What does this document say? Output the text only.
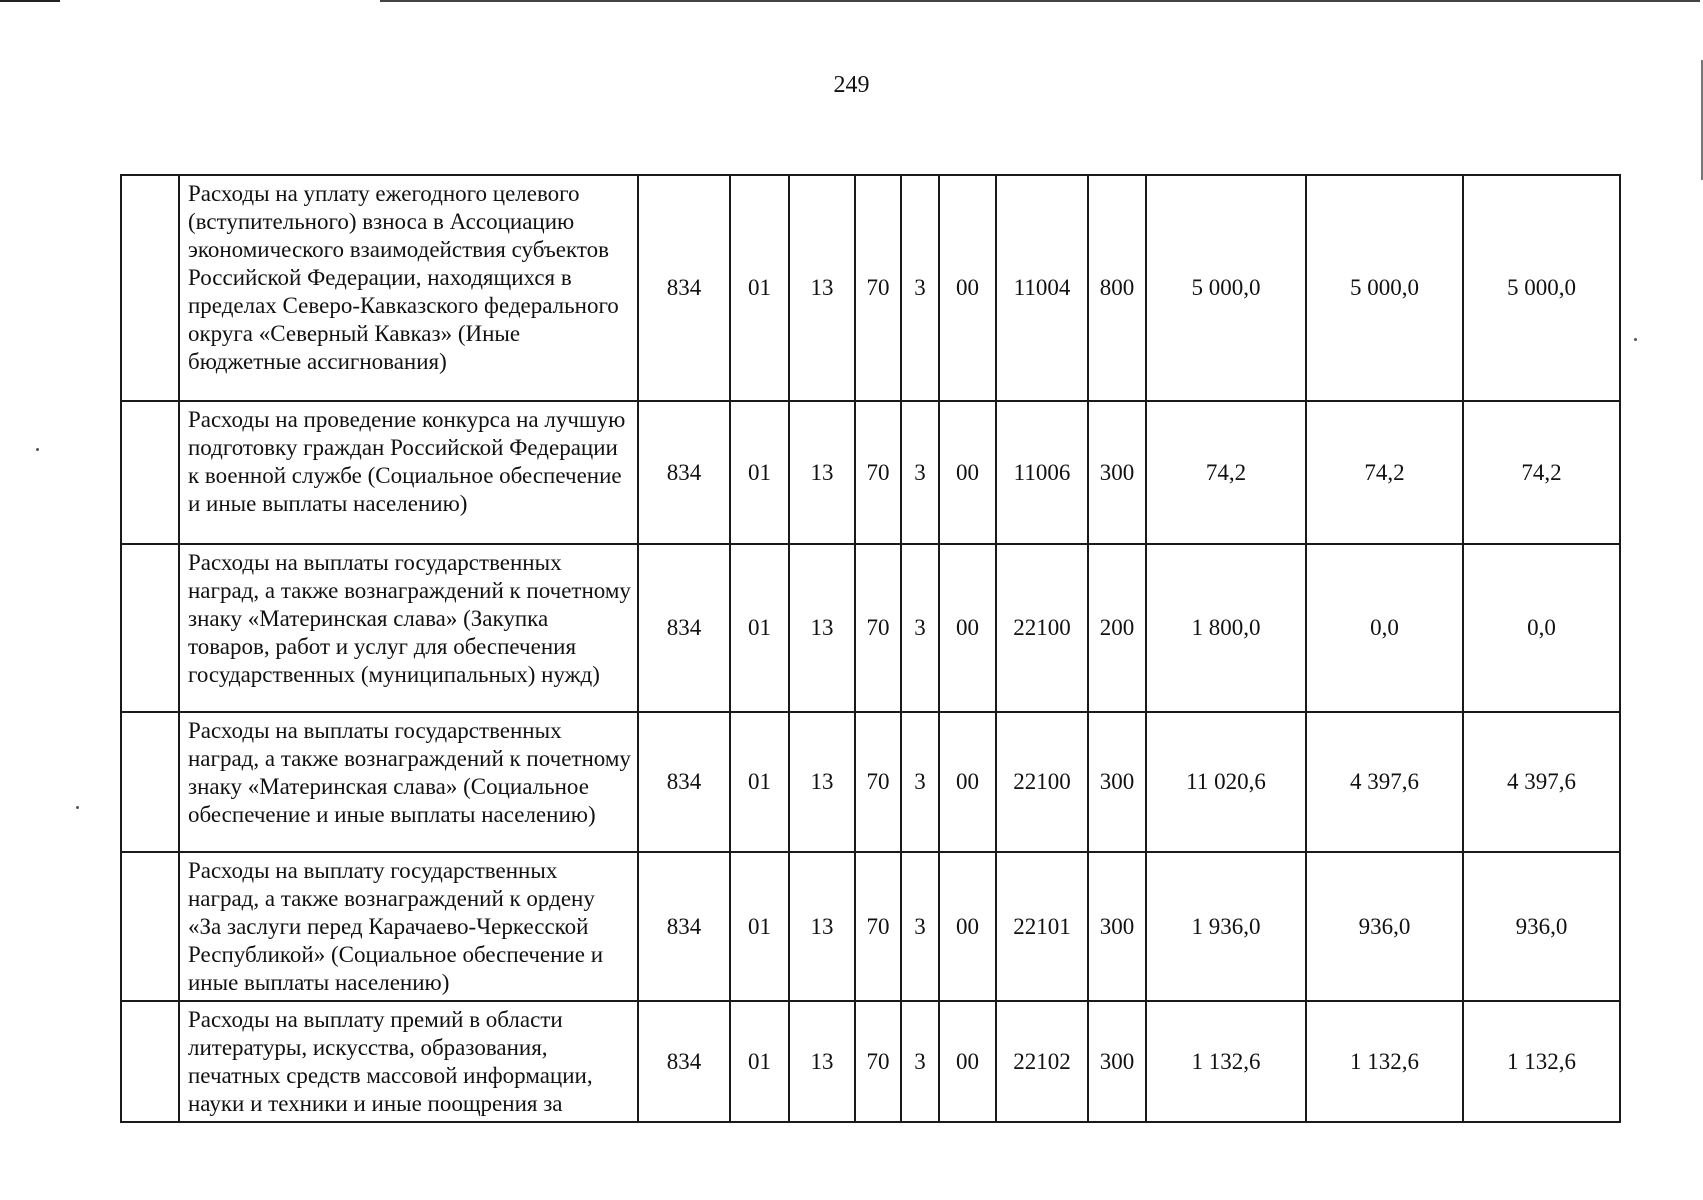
249
	Расходы на уплату ежегодного целевого (вступительного) взноса в Ассоциацию экономического взаимодействия субъектов Российской Федерации, находящихся в пределах Северо-Кавказского федерального округа «Северный Кавказ» (Иные бюджетные ассигнования)	834	01	13	70	3	00	11004	800	5 000,0	5 000,0	5 000,0
	Расходы на проведение конкурса на лучшую подготовку граждан Российской Федерации к военной службе (Социальное обеспечение и иные выплаты населению)	834	01	13	70	3	00	11006	300	74,2	74,2	74,2
	Расходы на выплаты государственных наград, а также вознаграждений к почетному знаку «Материнская слава» (Закупка товаров, работ и услуг для обеспечения государственных (муниципальных) нужд)	834	01	13	70	3	00	22100	200	1 800,0	0,0	0,0
	Расходы на выплаты государственных наград, а также вознаграждений к почетному знаку «Материнская слава» (Социальное обеспечение и иные выплаты населению)	834	01	13	70	3	00	22100	300	11 020,6	4 397,6	4 397,6
	Расходы на выплату государственных наград, а также вознаграждений к ордену «За заслуги перед Карачаево-Черкесской Республикой» (Социальное обеспечение и иные выплаты населению)	834	01	13	70	3	00	22101	300	1 936,0	936,0	936,0
	Расходы на выплату премий в области литературы, искусства, образования, печатных средств массовой информации, науки и техники и иные поощрения за	834	01	13	70	3	00	22102	300	1 132,6	1 132,6	1 132,6
